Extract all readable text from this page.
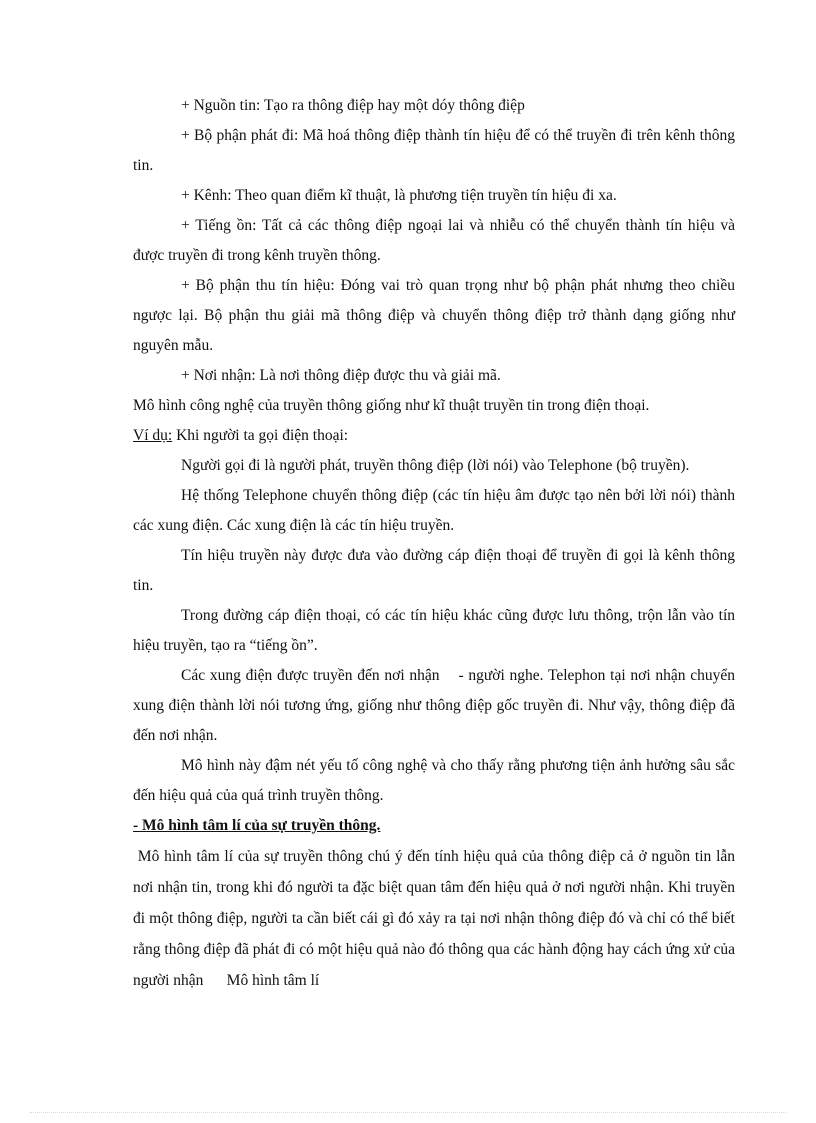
+ Nguồn tin: Tạo ra thông điệp hay một dóy thông điệp

+ Bộ phận phát đi: Mã hoá thông điệp thành tín hiệu để có thể truyền đi trên kênh thông tin.

+ Kênh: Theo quan điểm kĩ thuật, là phương tiện truyền tín hiệu đi xa.

+ Tiếng ồn: Tất cả các thông điệp ngoại lai và nhiễu có thể chuyển thành tín hiệu và được truyền đi trong kênh truyền thông.

+ Bộ phận thu tín hiệu: Đóng vai trò quan trọng như bộ phận phát nhưng theo chiều ngược lại. Bộ phận thu giải mã thông điệp và chuyển thông điệp trở thành dạng giống như nguyên mẫu.

+ Nơi nhận: Là nơi thông điệp được thu và giải mã.

Mô hình công nghệ của truyền thông giống như kĩ thuật truyền tin trong điện thoại.

Ví dụ: Khi người ta gọi điện thoại:

Người gọi đi là người phát, truyền thông điệp (lời nói) vào Telephone (bộ truyền).

Hệ thống Telephone chuyển thông điệp (các tín hiệu âm được tạo nên bởi lời nói) thành các xung điện. Các xung điện là các tín hiệu truyền.

Tín hiệu truyền này được đưa vào đường cáp điện thoại để truyền đi gọi là kênh thông tin.

Trong đường cáp điện thoại, có các tín hiệu khác cũng được lưu thông, trộn lẫn vào tín hiệu truyền, tạo ra “tiếng ồn”.

Các xung điện được truyền đến nơi nhận    - người nghe. Telephon tại nơi nhận chuyển xung điện thành lời nói tương ứng, giống như thông điệp gốc truyền đi. Như vậy, thông điệp đã đến nơi nhận.

Mô hình này đậm nét yếu tố công nghệ và cho thấy rằng phương tiện ảnh hưởng sâu sắc đến hiệu quả của quá trình truyền thông.

- Mô hình tâm lí của sự truyền thông.

Mô hình tâm lí của sự truyền thông chú ý đến tính hiệu quả của thông điệp cả ở nguồn tin lẫn nơi nhận tin, trong khi đó người ta đặc biệt quan tâm đến hiệu quả ở nơi người nhận. Khi truyền đi một thông điệp, người ta cần biết cái gì đó xảy ra tại nơi nhận thông điệp đó và chỉ có thể biết rằng thông điệp đã phát đi có một hiệu quả nào đó thông qua các hành động hay cách ứng xử của người nhận      Mô hình tâm lí
